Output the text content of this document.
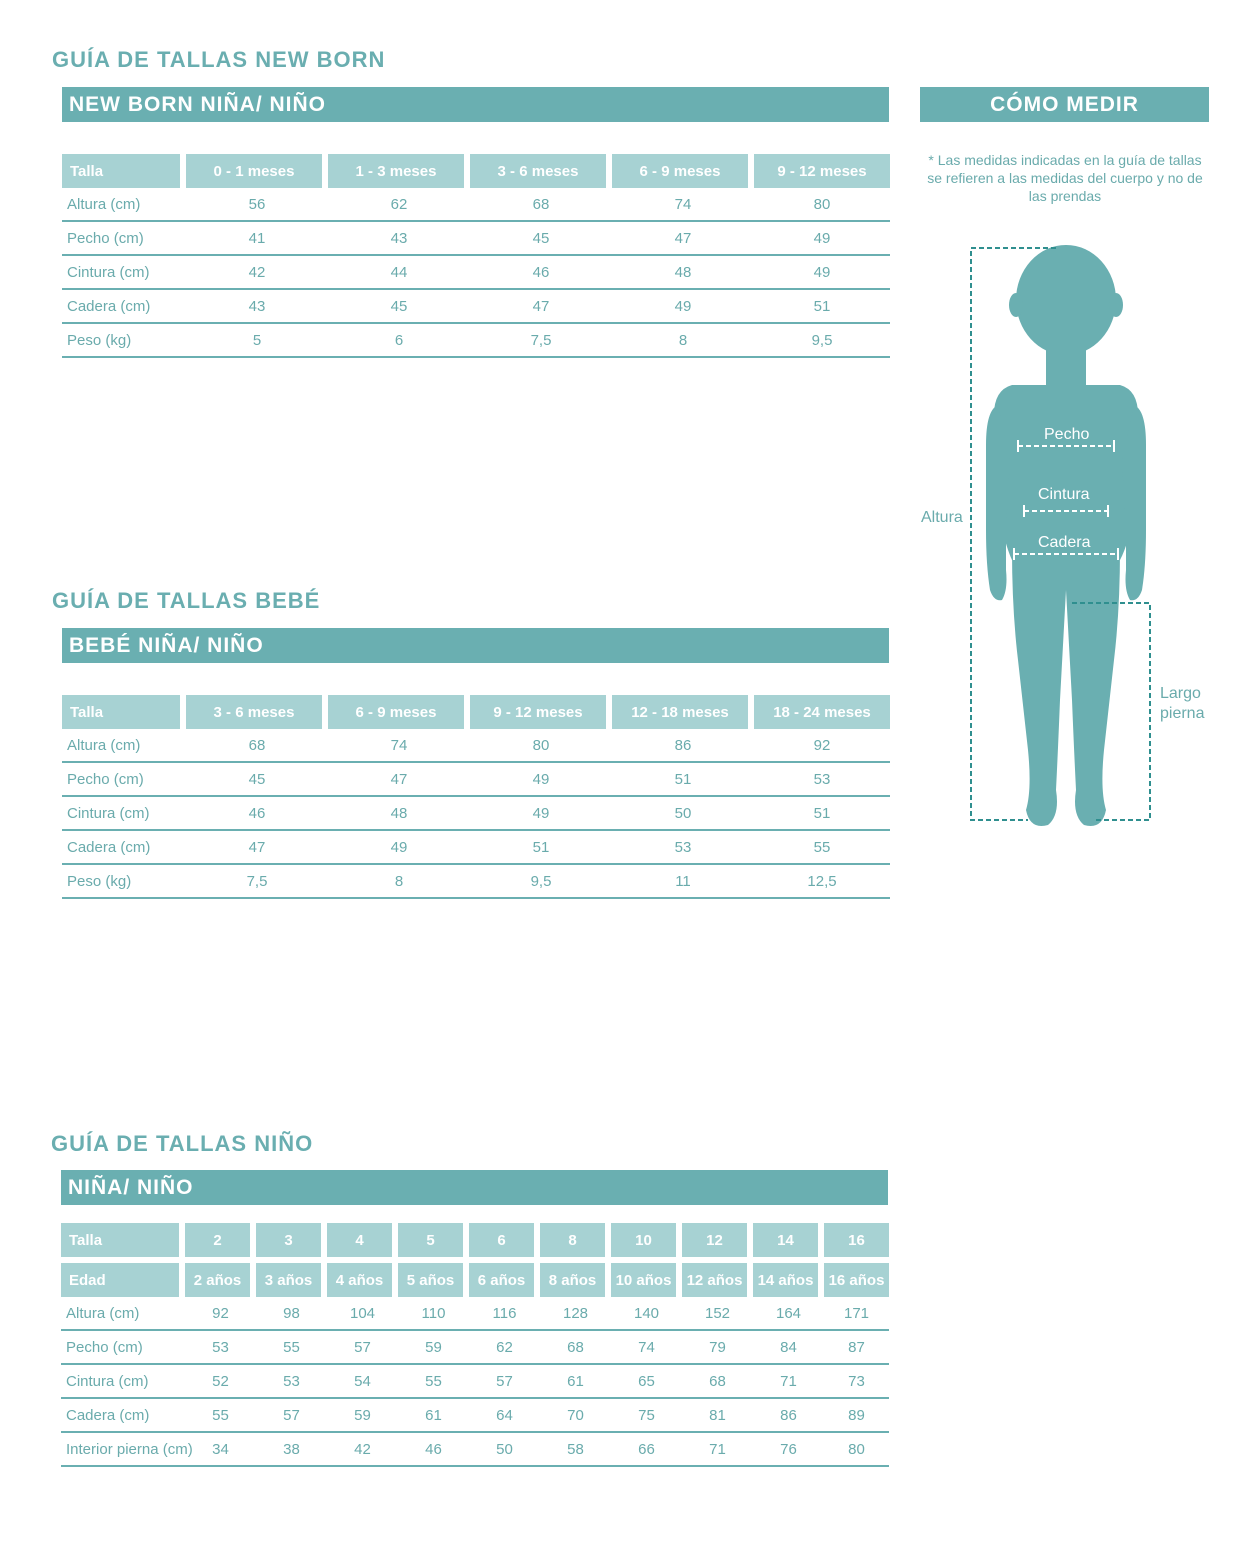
GUÍA DE TALLAS NEW BORN
NEW BORN NIÑA/ NIÑO
Talla	0 - 1 meses	1 - 3 meses	3 - 6 meses	6 - 9 meses	9 - 12 meses
Altura (cm)	56	62	68	74	80
Pecho (cm)	41	43	45	47	49
Cintura (cm)	42	44	46	48	49
Cadera (cm)	43	45	47	49	51
Peso (kg)	5	6	7,5	8	9,5
GUÍA DE TALLAS BEBÉ
BEBÉ NIÑA/ NIÑO
Talla	3 - 6 meses	6 - 9 meses	9 - 12 meses	12 - 18 meses	18 - 24 meses
Altura (cm)	68	74	80	86	92
Pecho (cm)	45	47	49	51	53
Cintura (cm)	46	48	49	50	51
Cadera (cm)	47	49	51	53	55
Peso (kg)	7,5	8	9,5	11	12,5
GUÍA DE TALLAS NIÑO
NIÑA/ NIÑO
Talla	2	3	4	5	6	8	10	12	14	16
Edad	2 años	3 años	4 años	5 años	6 años	8 años	10 años	12 años	14 años	16 años
Altura (cm)	92	98	104	110	116	128	140	152	164	171
Pecho (cm)	53	55	57	59	62	68	74	79	84	87
Cintura (cm)	52	53	54	55	57	61	65	68	71	73
Cadera (cm)	55	57	59	61	64	70	75	81	86	89
Interior pierna (cm)	34	38	42	46	50	58	66	71	76	80
CÓMO MEDIR
* Las medidas indicadas en la guía de tallas se refieren a las medidas del cuerpo y no de las prendas
Pecho
Cintura
Cadera
Altura
Largo
pierna
